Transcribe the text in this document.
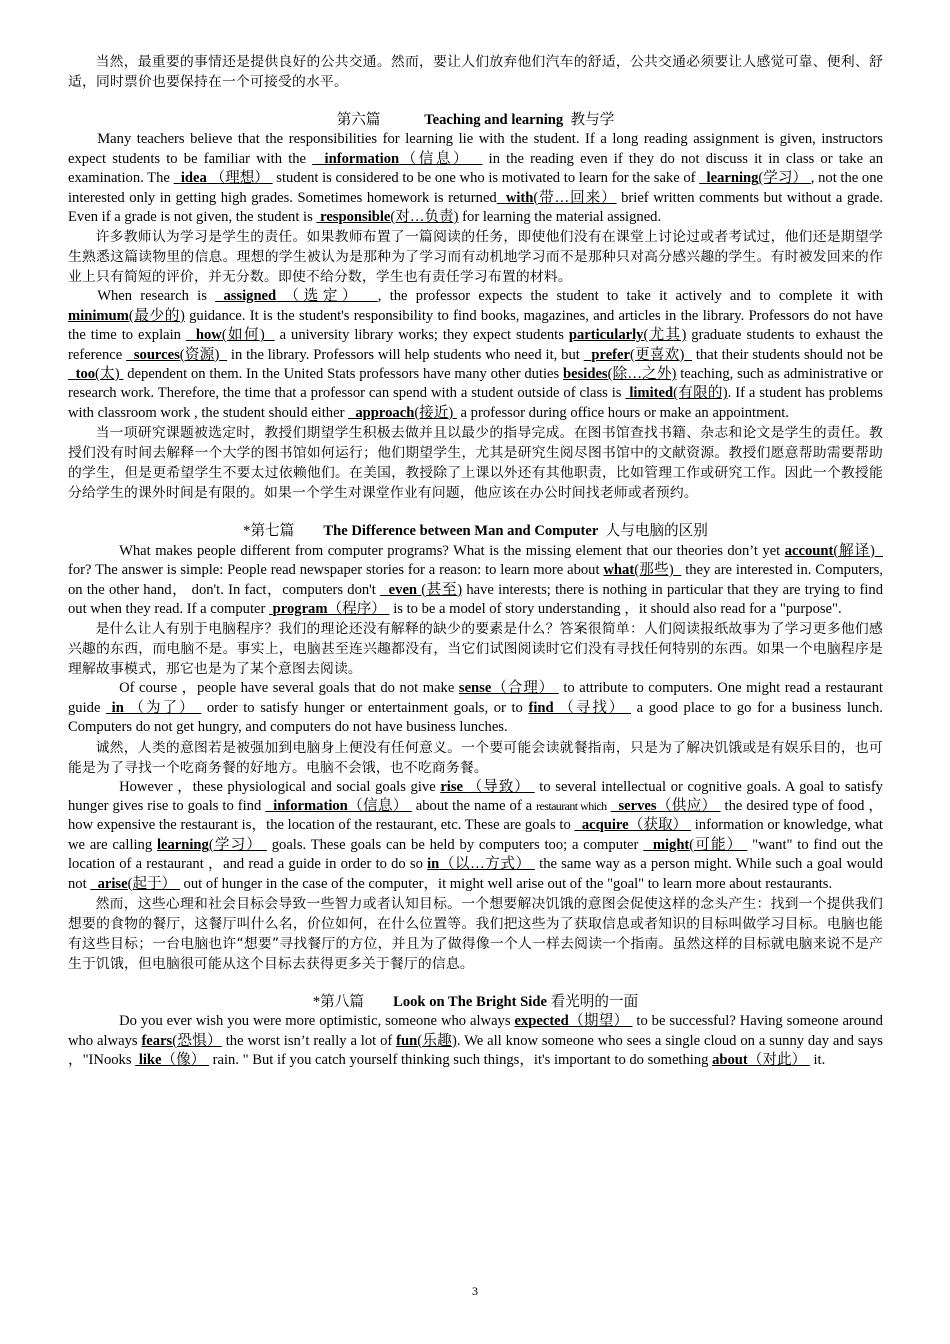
当然，最重要的事情还是提供良好的公共交通。然而，要让人们放弃他们汽车的舒适，公共交通必须要让人感觉可靠、便利、舒适，同时票价也要保持在一个可接受的水平。

第六篇   	Teaching and learning  教与学

Many teachers believe that the responsibilities for learning lie with the student. If a long reading assignment is given, instructors expect students to be familiar with the   information（信息）   in the reading even if they do not discuss it in class or take an examination. The   idea （理想）  student is considered to be one who is motivated to learn for the sake of   learning(学习） , not the one interested only in getting high grades. Sometimes homework is returned with(带…回来） brief written comments but without a grade. Even if a grade is not given, the student is  responsible(对…负责) for learning the material assigned.

许多教师认为学习是学生的责任。如果教师布置了一篇阅读的任务，即使他们没有在课堂上讨论过或者考试过，他们还是期望学生熟悉这篇读物里的信息。理想的学生被认为是那种为了学习而有动机地学习而不是那种只对高分感兴趣的学生。有时被发回来的作业上只有简短的评价，并无分数。即使不给分数，学生也有责任学习布置的材料。

When research is  assigned （选定） , the professor expects the student to take it actively and to complete it with minimum(最少的) guidance. It is the student's responsibility to find books, magazines, and articles in the library. Professors do not have the time to explain   how(如何)   a university library works; they expect students particularly(尤其) graduate students to exhaust the reference   sources(资源)   in the library. Professors will help students who need it, but   prefer(更喜欢)   that their students should not be   too(太)  dependent on them. In the United Stats professors have many other duties besides(除…之外) teaching, such as administrative or research work. Therefore, the time that a professor can spend with a student outside of class is  limited(有限的). If a student has problems with classroom work , the student should either   approach(接近)  a professor during office hours or make an appointment.

当一项研究课题被选定时，教授们期望学生积极去做并且以最少的指导完成。在图书馆查找书籍、杂志和论文是学生的责任。教授们没有时间去解释一个大学的图书馆如何运行；他们期望学生，尤其是研究生阅尽图书馆中的文献资源。教授们愿意帮助需要帮助的学生，但是更希望学生不要太过依赖他们。在美国，教授除了上课以外还有其他职责，比如管理工作或研究工作。因此一个教授能分给学生的课外时间是有限的。如果一个学生对课堂作业有问题，他应该在办公时间找老师或者预约。

*第七篇   The Difference between Man and Computer  人与电脑的区别

What makes people different from computer programs? What is the missing element that our theories don’t yet account(解译)   for? The answer is simple: People read newspaper stories for a reason: to learn more about what(那些)   they are interested in. Computers, on the other hand， don't. In fact，computers don't   even (甚至) have interests; there is nothing in particular that they are trying to find out when they read. If a computer  program（程序）  is to be a model of story understanding ，it should also read for a "purpose".

是什么让人有别于电脑程序？我们的理论还没有解释的缺少的要素是什么？答案很简单：人们阅读报纸故事为了学习更多他们感兴趣的东西，而电脑不是。事实上，电脑甚至连兴趣都没有，当它们试图阅读时它们没有寻找任何特别的东西。如果一个电脑程序是理解故事模式，那它也是为了某个意图去阅读。

Of course ，people have several goals that do not make sense（合理）  to attribute to computers. One might read a restaurant guide  in （为了）  order to satisfy hunger or entertainment goals, or to find （寻找）  a good place to go for a business lunch. Computers do not get hungry, and computers do not have business lunches.

诚然，人类的意图若是被强加到电脑身上便没有任何意义。一个要可能会读就餐指南，只是为了解决饥饿或是有娱乐目的，也可能是为了寻找一个吃商务餐的好地方。电脑不会饿，也不吃商务餐。

However ，these physiological and social goals give rise （导致）  to several intellectual or cognitive goals. A goal to satisfy hunger gives rise to goals to find   information（信息）  about the name of a restaurant which serves（供应）  the desired type of food ，how expensive the restaurant is，the location of the restaurant, etc. These are goals to   acquire（获取）  information or knowledge, what we are calling learning(学习）  goals. These goals can be held by computers too; a computer   might(可能）  "want" to find out the location of a restaurant ，and read a guide in order to do so in（以…方式）  the same way as a person might. While such a goal would not   arise(起于）  out of hunger in the case of the computer，it might well arise out of the "goal" to learn more about restaurants.

然而，这些心理和社会目标会导致一些智力或者认知目标。一个想要解决饥饿的意图会促使这样的念头产生：找到一个提供我们想要的食物的餐厅，这餐厅叫什么名，价位如何，在什么位置等。我们把这些为了获取信息或者知识的目标叫做学习目标。电脑也能有这些目标；一台电脑也许“想要”寻找餐厅的方位，并且为了做得像一个人一样去阅读一个指南。虽然这样的目标就电脑来说不是产生于饥饿，但电脑很可能从这个目标去获得更多关于餐厅的信息。

*第八篇   Look on The Bright Side 看光明的一面

Do you ever wish you were more optimistic, someone who always expected（期望）  to be successful? Having someone around who always fears(恐惧） the worst isn’t really a lot of fun(乐趣). We all know someone who sees a single cloud on a sunny day and says ，"INooks  like（像）  rain. " But if you catch yourself thinking such things，it's important to do something about（对此）  it.

3
